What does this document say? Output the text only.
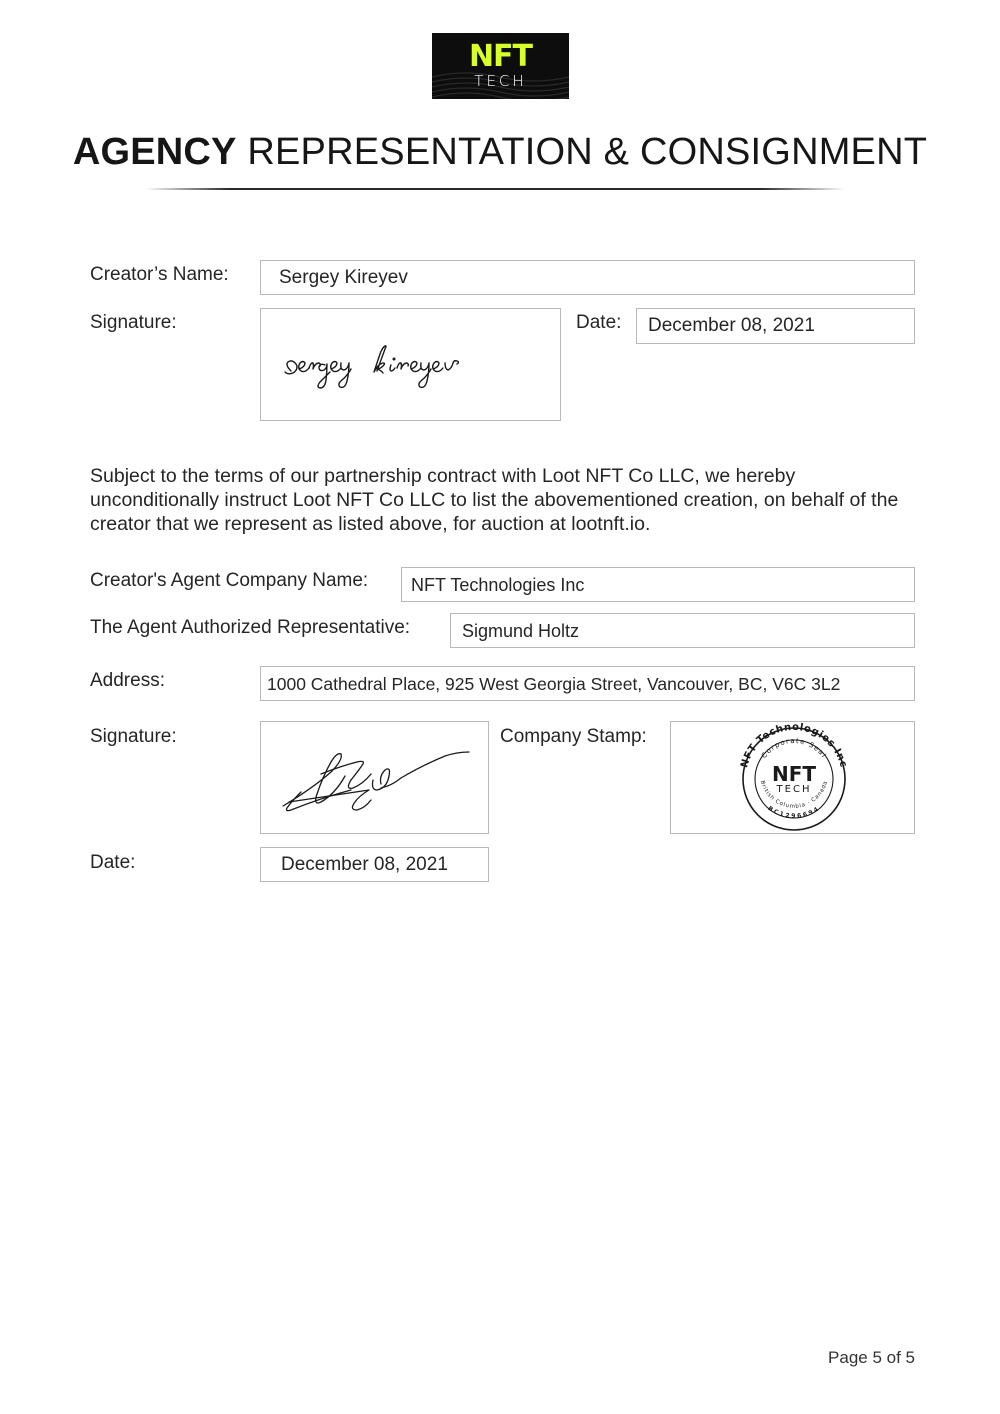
NFT
TECH
AGENCY REPRESENTATION & CONSIGNMENT
Creator’s Name:	Sergey Kireyev
Signature:	Date: December 08, 2021
Subject to the terms of our partnership contract with Loot NFT Co LLC, we hereby unconditionally instruct Loot NFT Co LLC to list the abovementioned creation, on behalf of the creator that we represent as listed above, for auction at lootnft.io.
Creator's Agent Company Name: NFT Technologies Inc
The Agent Authorized Representative:	Sigmund Holtz
Address:	1000 Cathedral Place, 925 West Georgia Street, Vancouver, BC, V6C 3L2
Signature:	Company Stamp:
NFT Technologies Inc
Corporate Seal
British Columbia · Canada
BC1296694
NFT
TECH
Date:	December 08, 2021
Page 5 of 5
